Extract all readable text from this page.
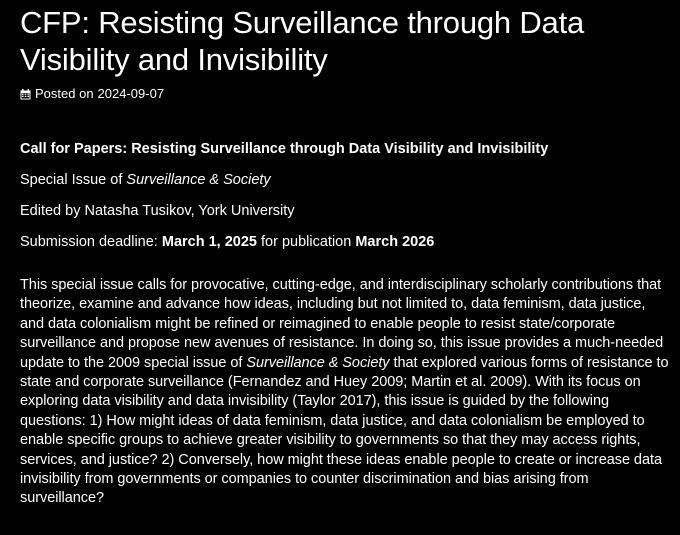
CFP: Resisting Surveillance through Data Visibility and Invisibility
Posted on 2024-09-07
Call for Papers: Resisting Surveillance through Data Visibility and Invisibility
Special Issue of Surveillance & Society
Edited by Natasha Tusikov, York University
Submission deadline: March 1, 2025 for publication March 2026
This special issue calls for provocative, cutting-edge, and interdisciplinary scholarly contributions that theorize, examine and advance how ideas, including but not limited to, data feminism, data justice, and data colonialism might be refined or reimagined to enable people to resist state/corporate surveillance and propose new avenues of resistance. In doing so, this issue provides a much-needed update to the 2009 special issue of Surveillance & Society that explored various forms of resistance to state and corporate surveillance (Fernandez and Huey 2009; Martin et al. 2009). With its focus on exploring data visibility and data invisibility (Taylor 2017), this issue is guided by the following questions: 1) How might ideas of data feminism, data justice, and data colonialism be employed to enable specific groups to achieve greater visibility to governments so that they may access rights, services, and justice? 2) Conversely, how might these ideas enable people to create or increase data invisibility from governments or companies to counter discrimination and bias arising from surveillance?
